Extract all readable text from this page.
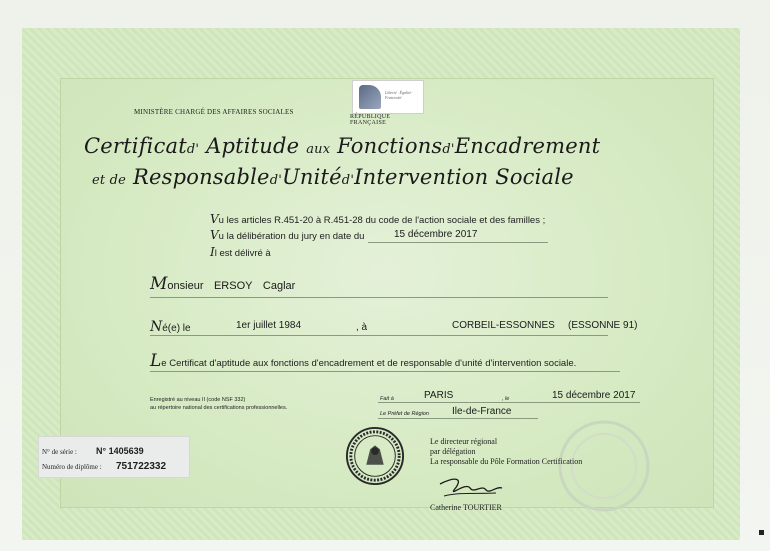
MINISTÈRE CHARGÉ DES AFFAIRES SOCIALES
Liberté · Égalité · Fraternité
RÉPUBLIQUE FRANÇAISE
Certificatd' Aptitude aux Fonctionsd'Encadrement
et de Responsabled'Unitéd'Intervention Sociale
Vu les articles R.451-20 à R.451-28 du code de l'action sociale et des familles ;
Vu la délibération du jury en date du	15 décembre 2017
Il est délivré à
Monsieur ERSOY Caglar
Né(e) le	1er juillet 1984	, à	CORBEIL-ESSONNES (ESSONNE 91)
Le Certificat d'aptitude aux fonctions d'encadrement et de responsable d'unité d'intervention sociale.
Enregistré au niveau II (code NSF 332)
au répertoire national des certifications professionnelles.
Fait à	PARIS	, le	15 décembre 2017
Le Préfet de Région Ile-de-France
N° de série : N° 1405639
Numéro de diplôme : 751722332
Le directeur régional
par délégation
La responsable du Pôle Formation Certification
Catherine TOURTIER
